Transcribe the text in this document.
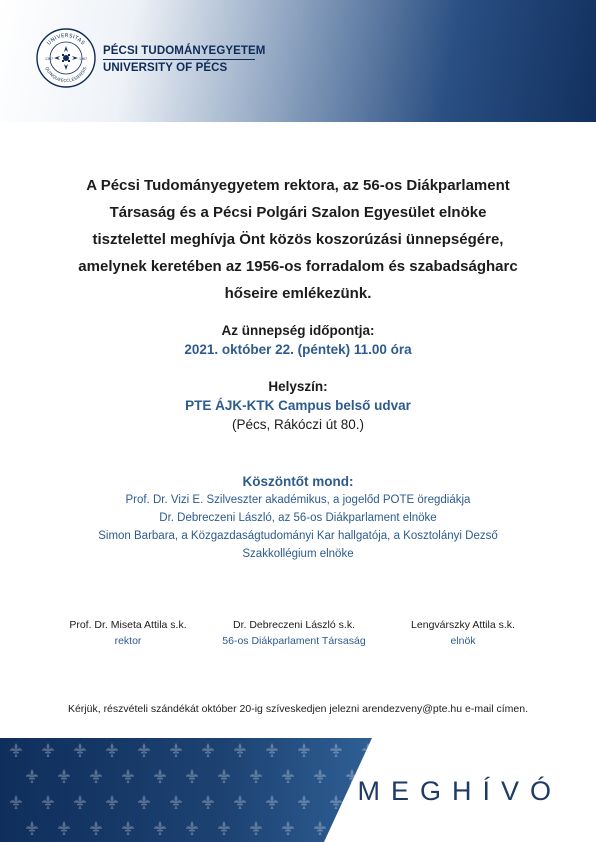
UNIVERSITAS
QUINQUEECCLESIENSIS
1367	1367
PÉCSI TUDOMÁNYEGYETEM
UNIVERSITY OF PÉCS
A Pécsi Tudományegyetem rektora, az 56-os Diákparlament
Társaság és a Pécsi Polgári Szalon Egyesület elnöke
tisztelettel meghívja Önt közös koszorúzási ünnepségére,
amelynek keretében az 1956-os forradalom és szabadságharc
hőseire emlékezünk.
Az ünnepség időpontja:
2021. október 22. (péntek) 11.00 óra
Helyszín:
PTE ÁJK-KTK Campus belső udvar
(Pécs, Rákóczi út 80.)
Köszöntőt mond:
Prof. Dr. Vizi E. Szilveszter akadémikus, a jogelőd POTE öregdiákja
Dr. Debreczeni László, az 56-os Diákparlament elnöke
Simon Barbara, a Közgazdaságtudományi Kar hallgatója, a Kosztolányi Dezső
Szakkollégium elnöke
Prof. Dr. Miseta Attila s.k.
rektor
Dr. Debreczeni László s.k.
56-os Diákparlament Társaság
Lengvárszky Attila s.k.
elnök
Kérjük, részvételi szándékát október 20-ig szíveskedjen jelezni arendezveny@pte.hu e-mail címen.
MEGHÍVÓ
